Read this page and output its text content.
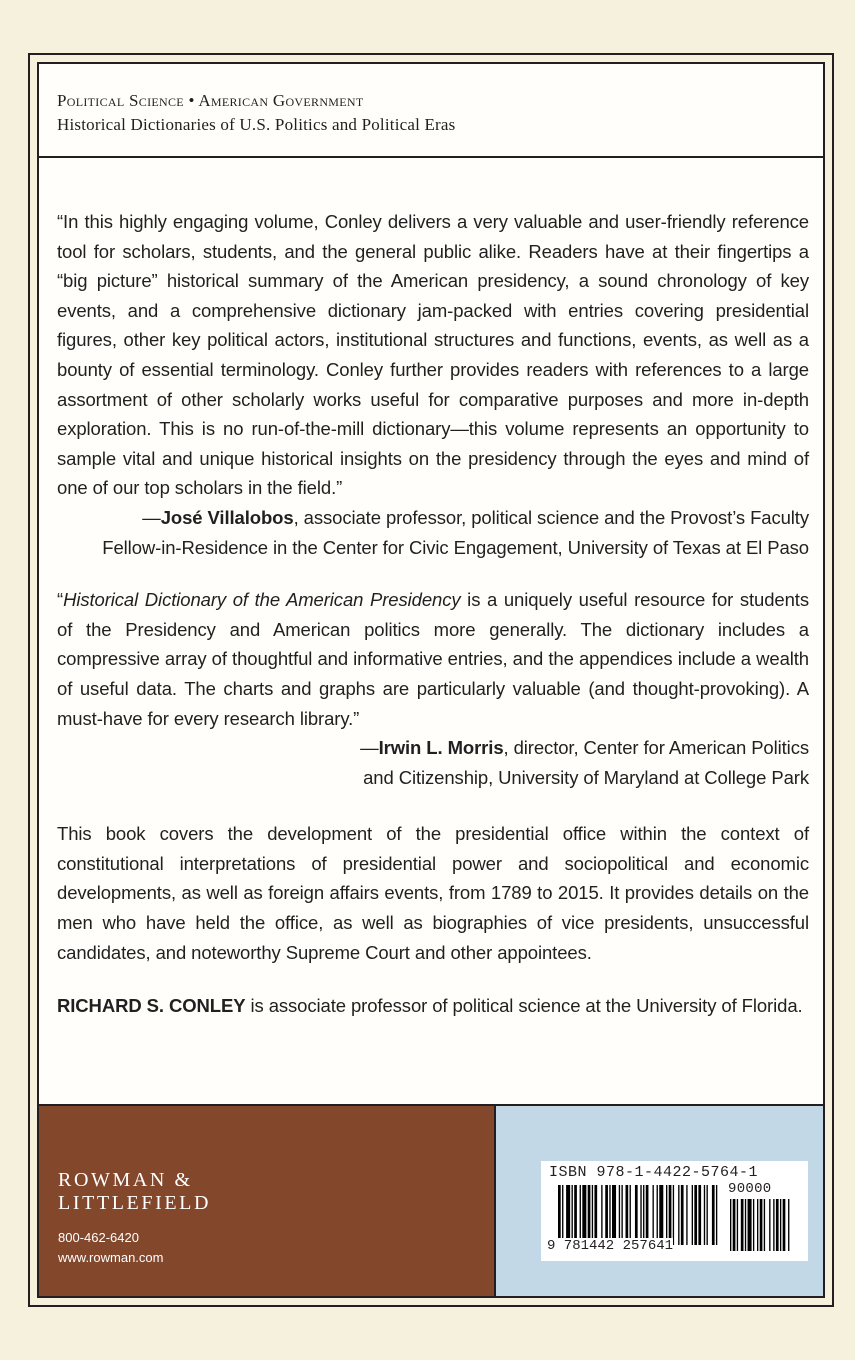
Political Science • American Government
Historical Dictionaries of U.S. Politics and Political Eras

“In this highly engaging volume, Conley delivers a very valuable and user-friendly reference tool for scholars, students, and the general public alike. Readers have at their fingertips a “big picture” historical summary of the American presidency, a sound chronology of key events, and a comprehensive dictionary jam-packed with entries covering presidential figures, other key political actors, institutional structures and functions, events, as well as a bounty of essential terminology. Conley further provides readers with references to a large assortment of other scholarly works useful for comparative purposes and more in-depth exploration. This is no run-of-the-mill dictionary—this volume represents an opportunity to sample vital and unique historical insights on the presidency through the eyes and mind of one of our top scholars in the field.”

—José Villalobos, associate professor, political science and the Provost’s Faculty
Fellow-in-Residence in the Center for Civic Engagement, University of Texas at El Paso

“Historical Dictionary of the American Presidency is a uniquely useful resource for students of the Presidency and American politics more generally. The dictionary includes a compressive array of thoughtful and informative entries, and the appendices include a wealth of useful data. The charts and graphs are particularly valuable (and thought-provoking). A must-have for every research library.”

—Irwin L. Morris, director, Center for American Politics
and Citizenship, University of Maryland at College Park

This book covers the development of the presidential office within the context of constitutional interpretations of presidential power and sociopolitical and economic developments, as well as foreign affairs events, from 1789 to 2015. It provides details on the men who have held the office, as well as biographies of vice presidents, unsuccessful candidates, and noteworthy Supreme Court and other appointees.

RICHARD S. CONLEY is associate professor of political science at the University of Florida.

ROWMAN &
LITTLEFIELD
800-462-6420
www.rowman.com
ISBN 978-1-4422-5764-1
90000
9 781442 257641
